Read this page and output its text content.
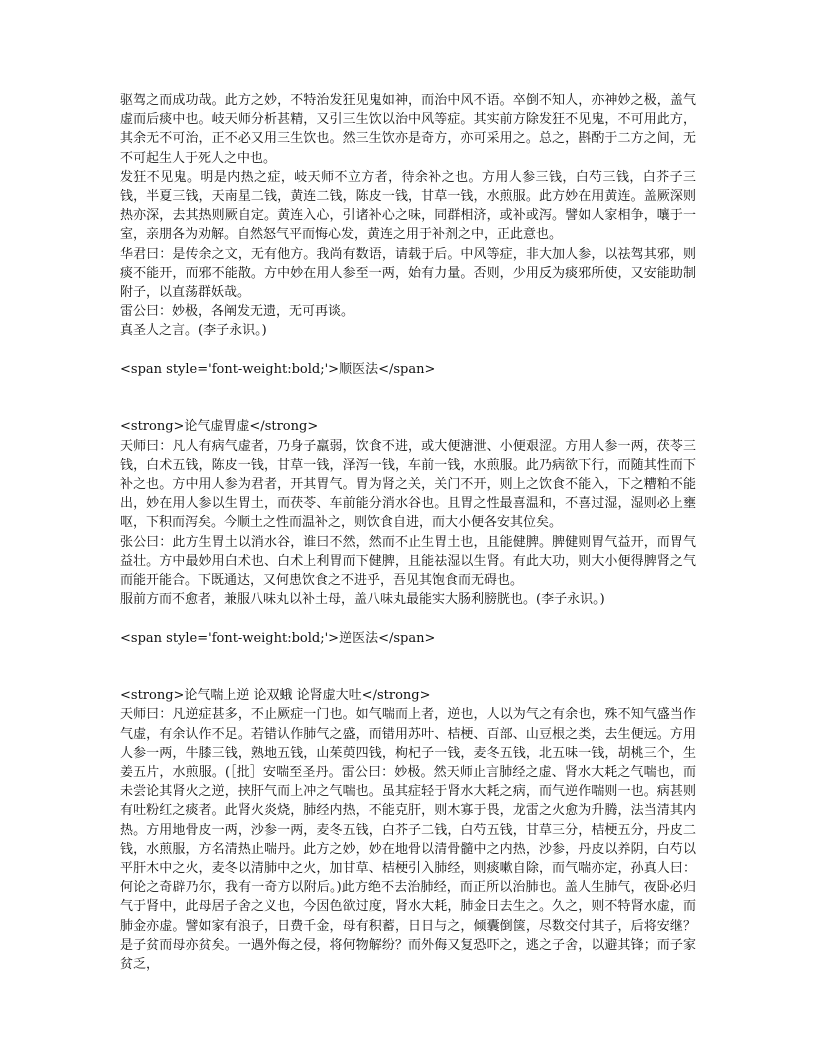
驱驾之而成功哉。此方之妙，不特治发狂见鬼如神，而治中风不语。卒倒不知人，亦神妙之极，盖气虚而后痰中也。岐天师分析甚精，又引三生饮以治中风等症。其实前方除发狂不见鬼，不可用此方，其余无不可治，正不必又用三生饮也。然三生饮亦是奇方，亦可采用之。总之，斟酌于二方之间，无不可起生人于死人之中也。

发狂不见鬼。明是内热之症，岐天师不立方者，待余补之也。方用人参三钱，白芍三钱，白芥子三钱，半夏三钱，天南星二钱，黄连二钱，陈皮一钱，甘草一钱，水煎服。此方妙在用黄连。盖厥深则热亦深，去其热则厥自定。黄连入心，引诸补心之味，同群相济，或补或泻。譬如人家相争，嚷于一室，亲朋各为劝解。自然怒气平而悔心发，黄连之用于补剂之中，正此意也。

华君曰：是传余之文，无有他方。我尚有数语，请载于后。中风等症，非大加人参，以祛驾其邪，则痰不能开，而邪不能散。方中妙在用人参至一两，始有力量。否则，少用反为痰邪所使，又安能助制附子，以直荡群妖哉。

雷公曰：妙极，各阐发无遗，无可再谈。

真圣人之言。(李子永识。)

<span style='font-weight:bold;'>顺医法</span>

<strong>论气虚胃虚</strong>

天师曰：凡人有病气虚者，乃身子羸弱，饮食不进，或大便溏泄、小便艰涩。方用人参一两，茯苓三钱，白术五钱，陈皮一钱，甘草一钱，泽泻一钱，车前一钱，水煎服。此乃病欲下行，而随其性而下补之也。方中用人参为君者，开其胃气。胃为肾之关，关门不开，则上之饮食不能入，下之糟粕不能出，妙在用人参以生胃土，而茯苓、车前能分消水谷也。且胃之性最喜温和，不喜过湿，湿则必上壅呕，下积而泻矣。今顺土之性而温补之，则饮食自进，而大小便各安其位矣。

张公曰：此方生胃土以消水谷，谁曰不然，然而不止生胃土也，且能健脾。脾健则胃气益开，而胃气益壮。方中最妙用白术也、白术上利胃而下健脾，且能祛湿以生肾。有此大功，则大小便得脾肾之气而能开能合。下既通达，又何患饮食之不进乎，吾见其饱食而无碍也。

服前方而不愈者，兼服八味丸以补土母，盖八味丸最能实大肠利膀胱也。(李子永识。)

<span style='font-weight:bold;'>逆医法</span>

<strong>论气喘上逆 论双蛾 论肾虚大吐</strong>

天师曰：凡逆症甚多，不止厥症一门也。如气喘而上者，逆也，人以为气之有余也，殊不知气盛当作气虚，有余认作不足。若错认作肺气之盛，而错用苏叶、桔梗、百部、山豆根之类，去生便远。方用人参一两，牛膝三钱，熟地五钱，山茱萸四钱，枸杞子一钱，麦冬五钱，北五味一钱，胡桃三个，生姜五片，水煎服。(［批］安喘至圣丹。雷公曰：妙极。然天师止言肺经之虚、肾水大耗之气喘也，而未尝论其肾火之逆，挟肝气而上冲之气喘也。虽其症轻于肾水大耗之病，而气逆作喘则一也。病甚则有吐粉红之痰者。此肾火炎烧，肺经内热，不能克肝，则木寡于畏，龙雷之火愈为升腾，法当清其内热。方用地骨皮一两，沙参一两，麦冬五钱，白芥子二钱，白芍五钱，甘草三分，桔梗五分，丹皮二钱，水煎服，方名清热止喘丹。此方之妙，妙在地骨以清骨髓中之内热，沙参，丹皮以养阴，白芍以平肝木中之火，麦冬以清肺中之火，加甘草、桔梗引入肺经，则痰嗽自除，而气喘亦定，孙真人曰：何论之奇辟乃尔，我有一奇方以附后。)此方绝不去治肺经，而正所以治肺也。盖人生肺气，夜卧必归气于肾中，此母居子舍之义也，今因色欲过度，肾水大耗，肺金日去生之。久之，则不特肾水虚，而肺金亦虚。譬如家有浪子，日费千金，母有积蓄，日日与之，倾囊倒箧，尽数交付其子，后将安继？是子贫而母亦贫矣。一遇外侮之侵，将何物解纷？而外侮又复恐吓之，逃之子舍，以避其锋；而子家贫乏，
